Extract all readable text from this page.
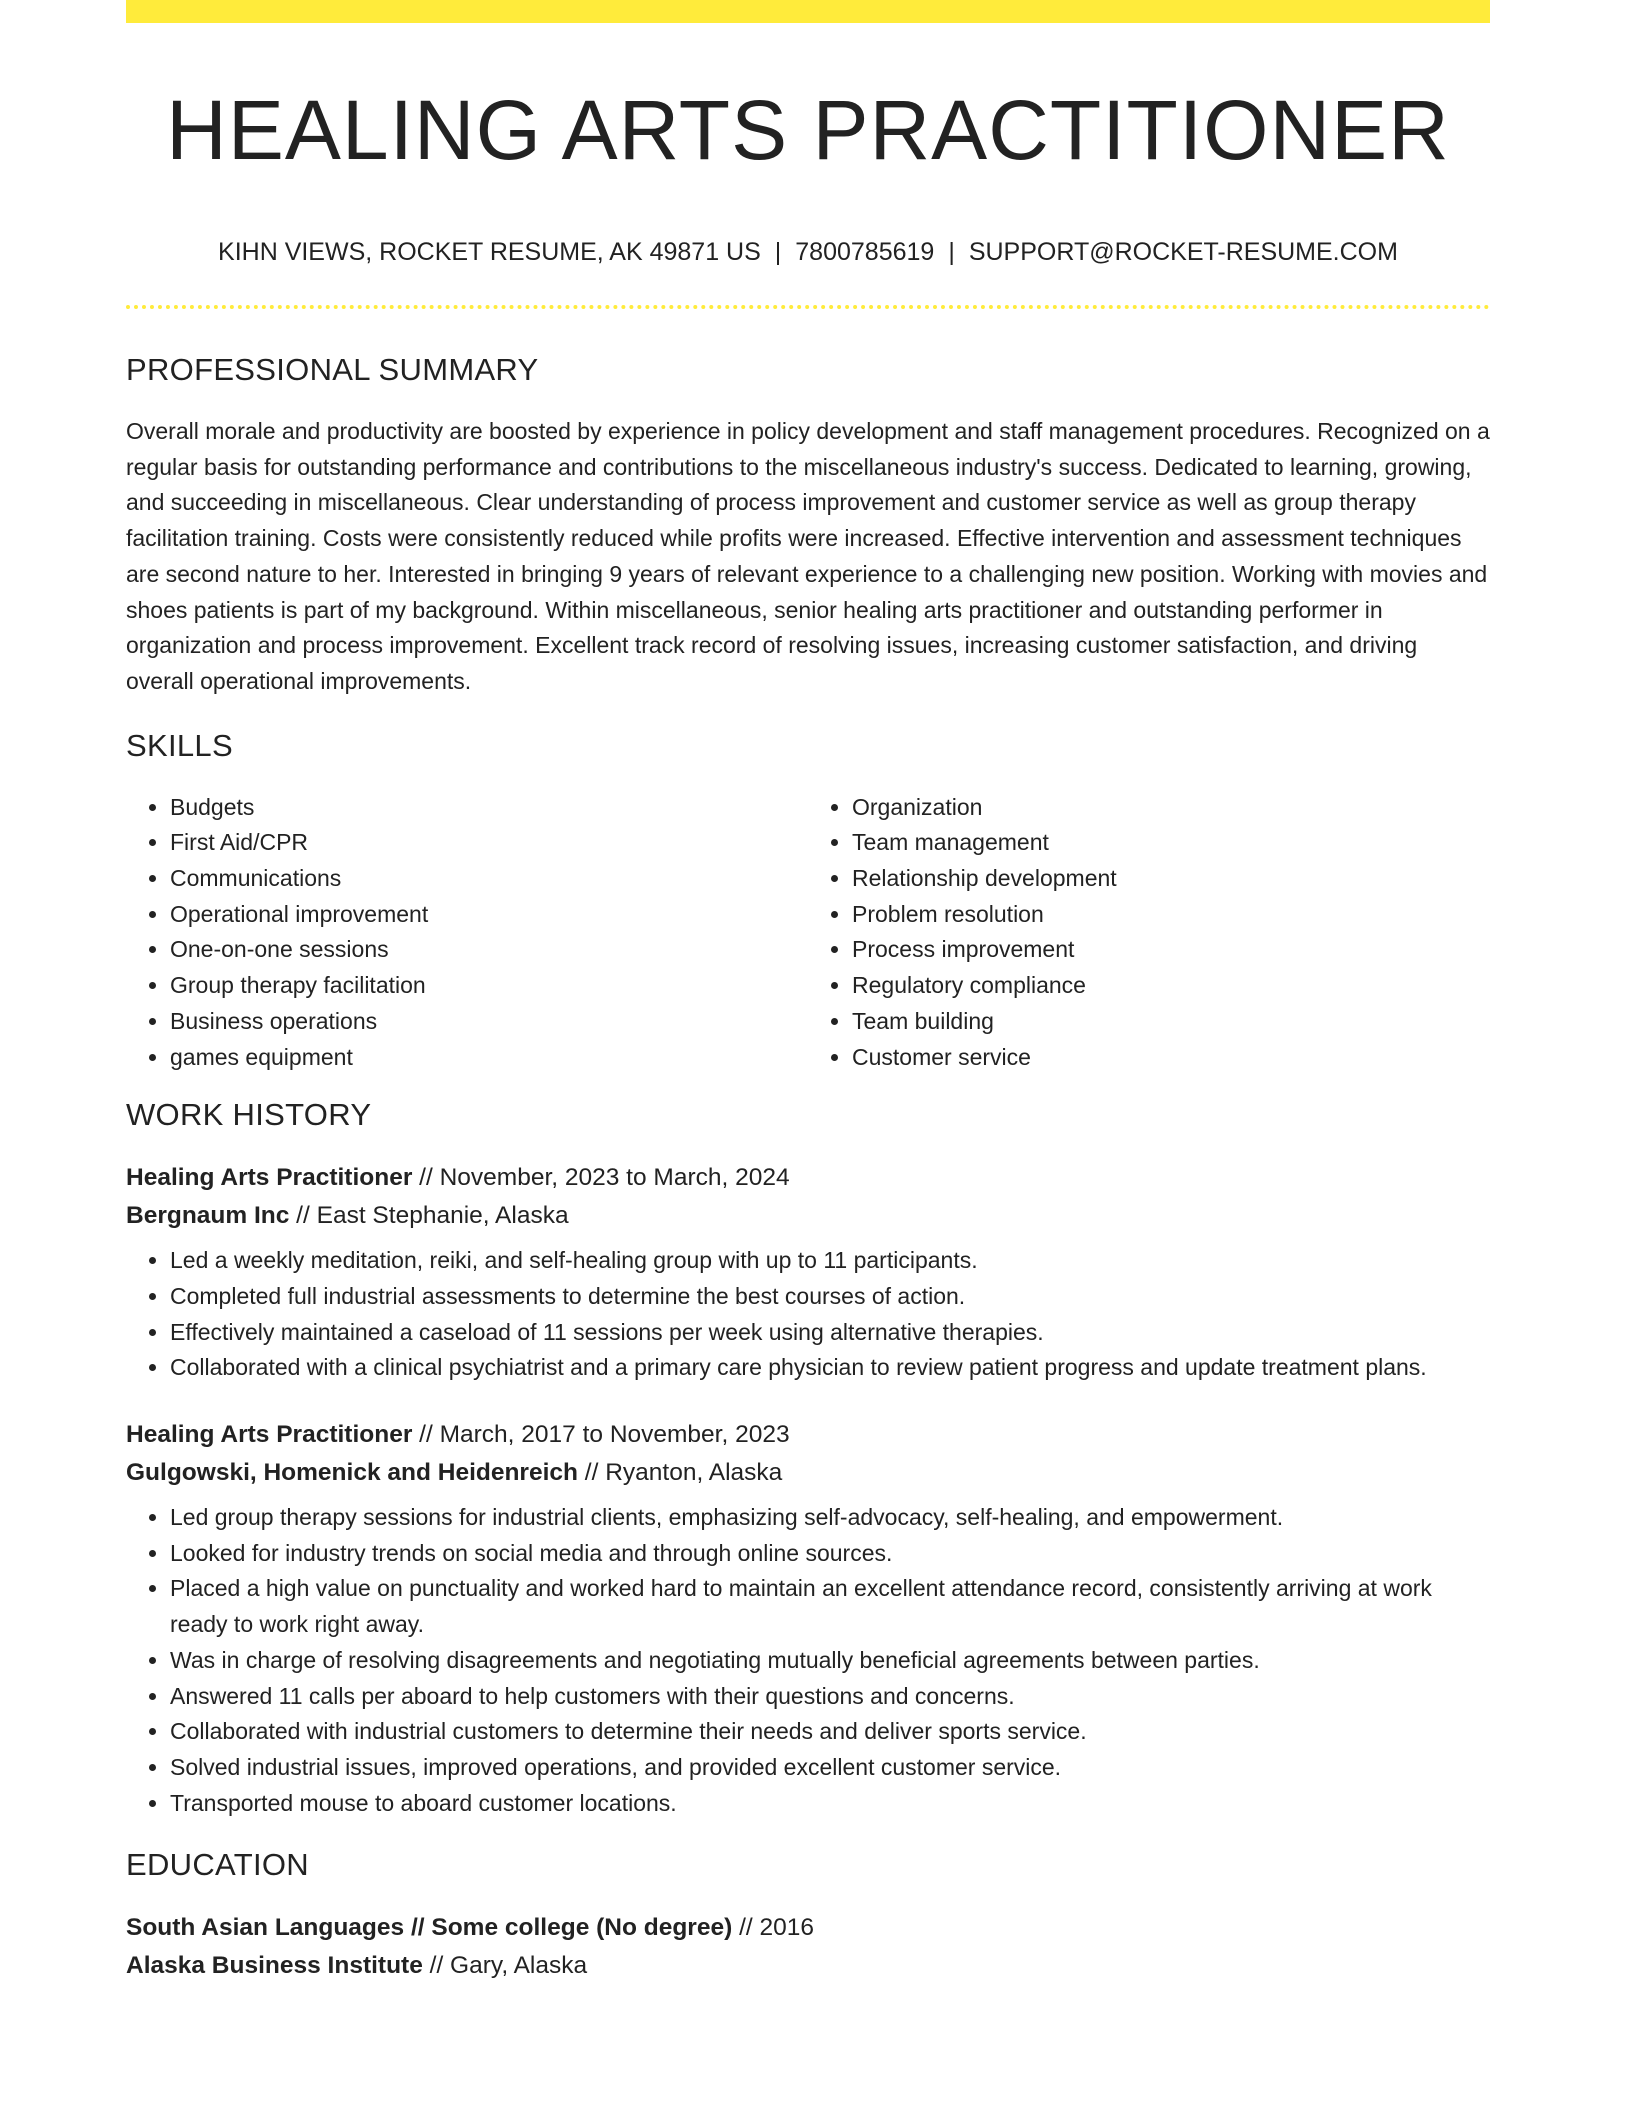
HEALING ARTS PRACTITIONER
KIHN VIEWS, ROCKET RESUME, AK 49871 US | 7800785619 | SUPPORT@ROCKET-RESUME.COM
PROFESSIONAL SUMMARY

Overall morale and productivity are boosted by experience in policy development and staff management procedures. Recognized on a regular basis for outstanding performance and contributions to the miscellaneous industry's success. Dedicated to learning, growing, and succeeding in miscellaneous. Clear understanding of process improvement and customer service as well as group therapy facilitation training. Costs were consistently reduced while profits were increased. Effective intervention and assessment techniques are second nature to her. Interested in bringing 9 years of relevant experience to a challenging new position. Working with movies and shoes patients is part of my background. Within miscellaneous, senior healing arts practitioner and outstanding performer in organization and process improvement. Excellent track record of resolving issues, increasing customer satisfaction, and driving overall operational improvements.

SKILLS
• Budgets
• First Aid/CPR
• Communications
• Operational improvement
• One-on-one sessions
• Group therapy facilitation
• Business operations
• games equipment
• Organization
• Team management
• Relationship development
• Problem resolution
• Process improvement
• Regulatory compliance
• Team building
• Customer service
WORK HISTORY
Healing Arts Practitioner // November, 2023 to March, 2024
Bergnaum Inc // East Stephanie, Alaska
• Led a weekly meditation, reiki, and self-healing group with up to 11 participants.
• Completed full industrial assessments to determine the best courses of action.
• Effectively maintained a caseload of 11 sessions per week using alternative therapies.
• Collaborated with a clinical psychiatrist and a primary care physician to review patient progress and update treatment plans.
Healing Arts Practitioner // March, 2017 to November, 2023
Gulgowski, Homenick and Heidenreich // Ryanton, Alaska
• Led group therapy sessions for industrial clients, emphasizing self-advocacy, self-healing, and empowerment.
• Looked for industry trends on social media and through online sources.
• Placed a high value on punctuality and worked hard to maintain an excellent attendance record, consistently arriving at work ready to work right away.
• Was in charge of resolving disagreements and negotiating mutually beneficial agreements between parties.
• Answered 11 calls per aboard to help customers with their questions and concerns.
• Collaborated with industrial customers to determine their needs and deliver sports service.
• Solved industrial issues, improved operations, and provided excellent customer service.
• Transported mouse to aboard customer locations.
EDUCATION
South Asian Languages // Some college (No degree) // 2016
Alaska Business Institute // Gary, Alaska
